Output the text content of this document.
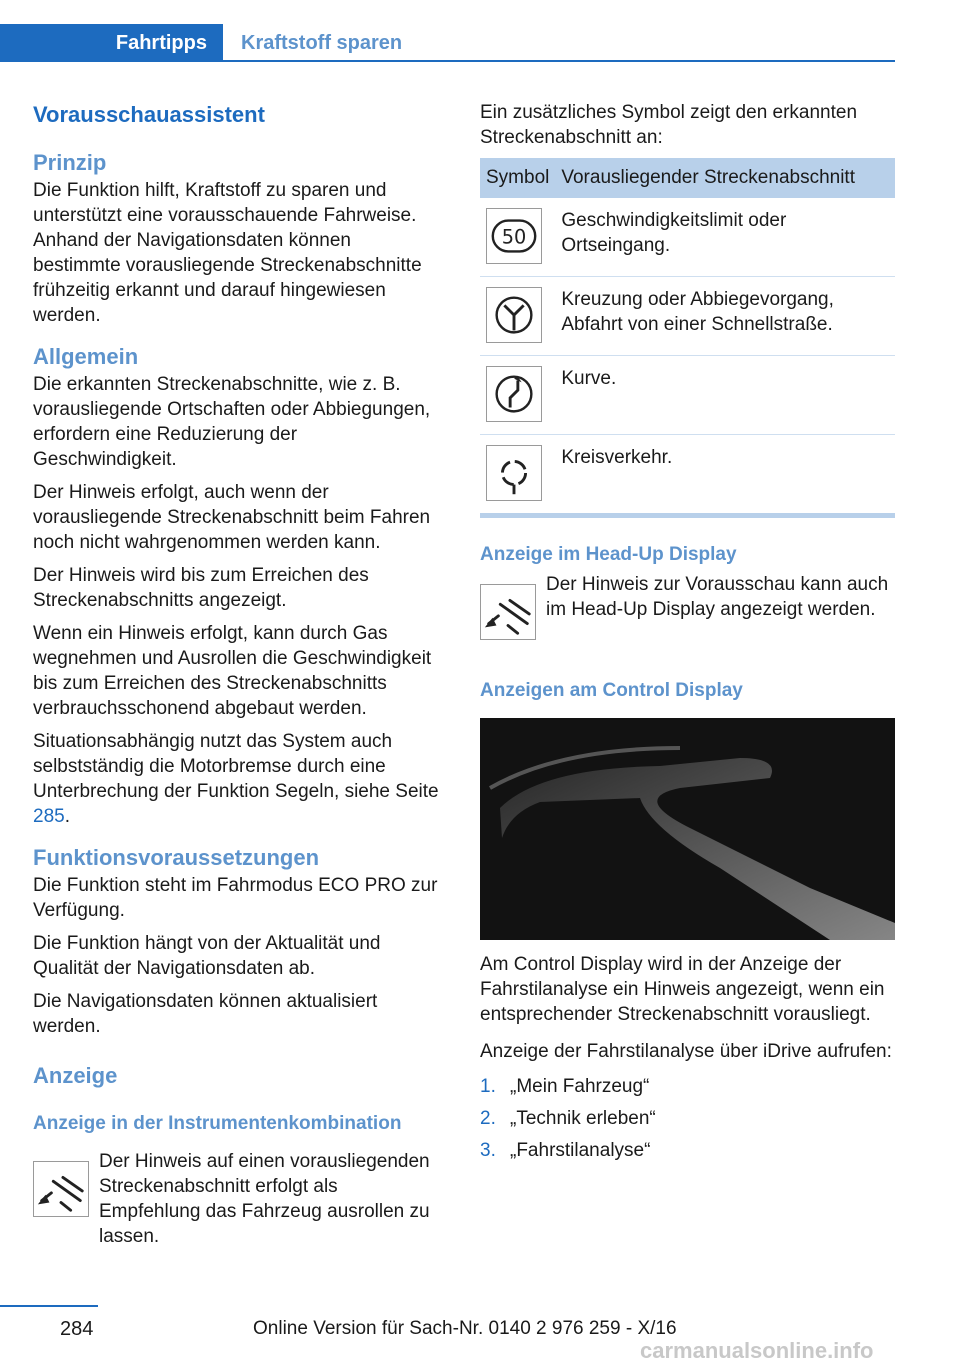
Fahrtipps	Kraftstoff sparen
Vorausschauassistent
Prinzip

Die Funktion hilft, Kraftstoff zu sparen und unterstützt eine vorausschauende Fahrweise. Anhand der Navigationsdaten können bestimmte vorausliegende Streckenabschnitte frühzeitig erkannt und darauf hingewiesen werden.

Allgemein

Die erkannten Streckenabschnitte, wie z. B. vorausliegende Ortschaften oder Abbiegungen, erfordern eine Reduzierung der Geschwindigkeit.

Der Hinweis erfolgt, auch wenn der vorausliegende Streckenabschnitt beim Fahren noch nicht wahrgenommen werden kann.

Der Hinweis wird bis zum Erreichen des Streckenabschnitts angezeigt.

Wenn ein Hinweis erfolgt, kann durch Gas wegnehmen und Ausrollen die Geschwindigkeit bis zum Erreichen des Streckenabschnitts verbrauchsschonend abgebaut werden.

Situationsabhängig nutzt das System auch selbstständig die Motorbremse durch eine Unterbrechung der Funktion Segeln, siehe Seite 285.

Funktionsvoraussetzungen

Die Funktion steht im Fahrmodus ECO PRO zur Verfügung.

Die Funktion hängt von der Aktualität und Qualität der Navigationsdaten ab.

Die Navigationsdaten können aktualisiert werden.

Anzeige
Anzeige in der Instrumentenkombination
Der Hinweis auf einen vorausliegenden Streckenabschnitt erfolgt als Empfehlung das Fahrzeug ausrollen zu lassen.

Ein zusätzliches Symbol zeigt den erkannten Streckenabschnitt an:

Symbol	Vorausliegender Streckenabschnitt

50	Geschwindigkeitslimit oder Ortseingang.

	Kreuzung oder Abbiegevorgang, Abfahrt von einer Schnellstraße.

	Kurve.

	Kreisverkehr.
Anzeige im Head-Up Display
Der Hinweis zur Vorausschau kann auch im Head-Up Display angezeigt werden.
Anzeigen am Control Display

Am Control Display wird in der Anzeige der Fahrstilanalyse ein Hinweis angezeigt, wenn ein entsprechender Streckenabschnitt vorausliegt.

Anzeige der Fahrstilanalyse über iDrive aufrufen:

1. „Mein Fahrzeug“
2. „Technik erleben“
3. „Fahrstilanalyse“
284	Online Version für Sach-Nr. 0140 2 976 259 - X/16
carmanualsonline.info
